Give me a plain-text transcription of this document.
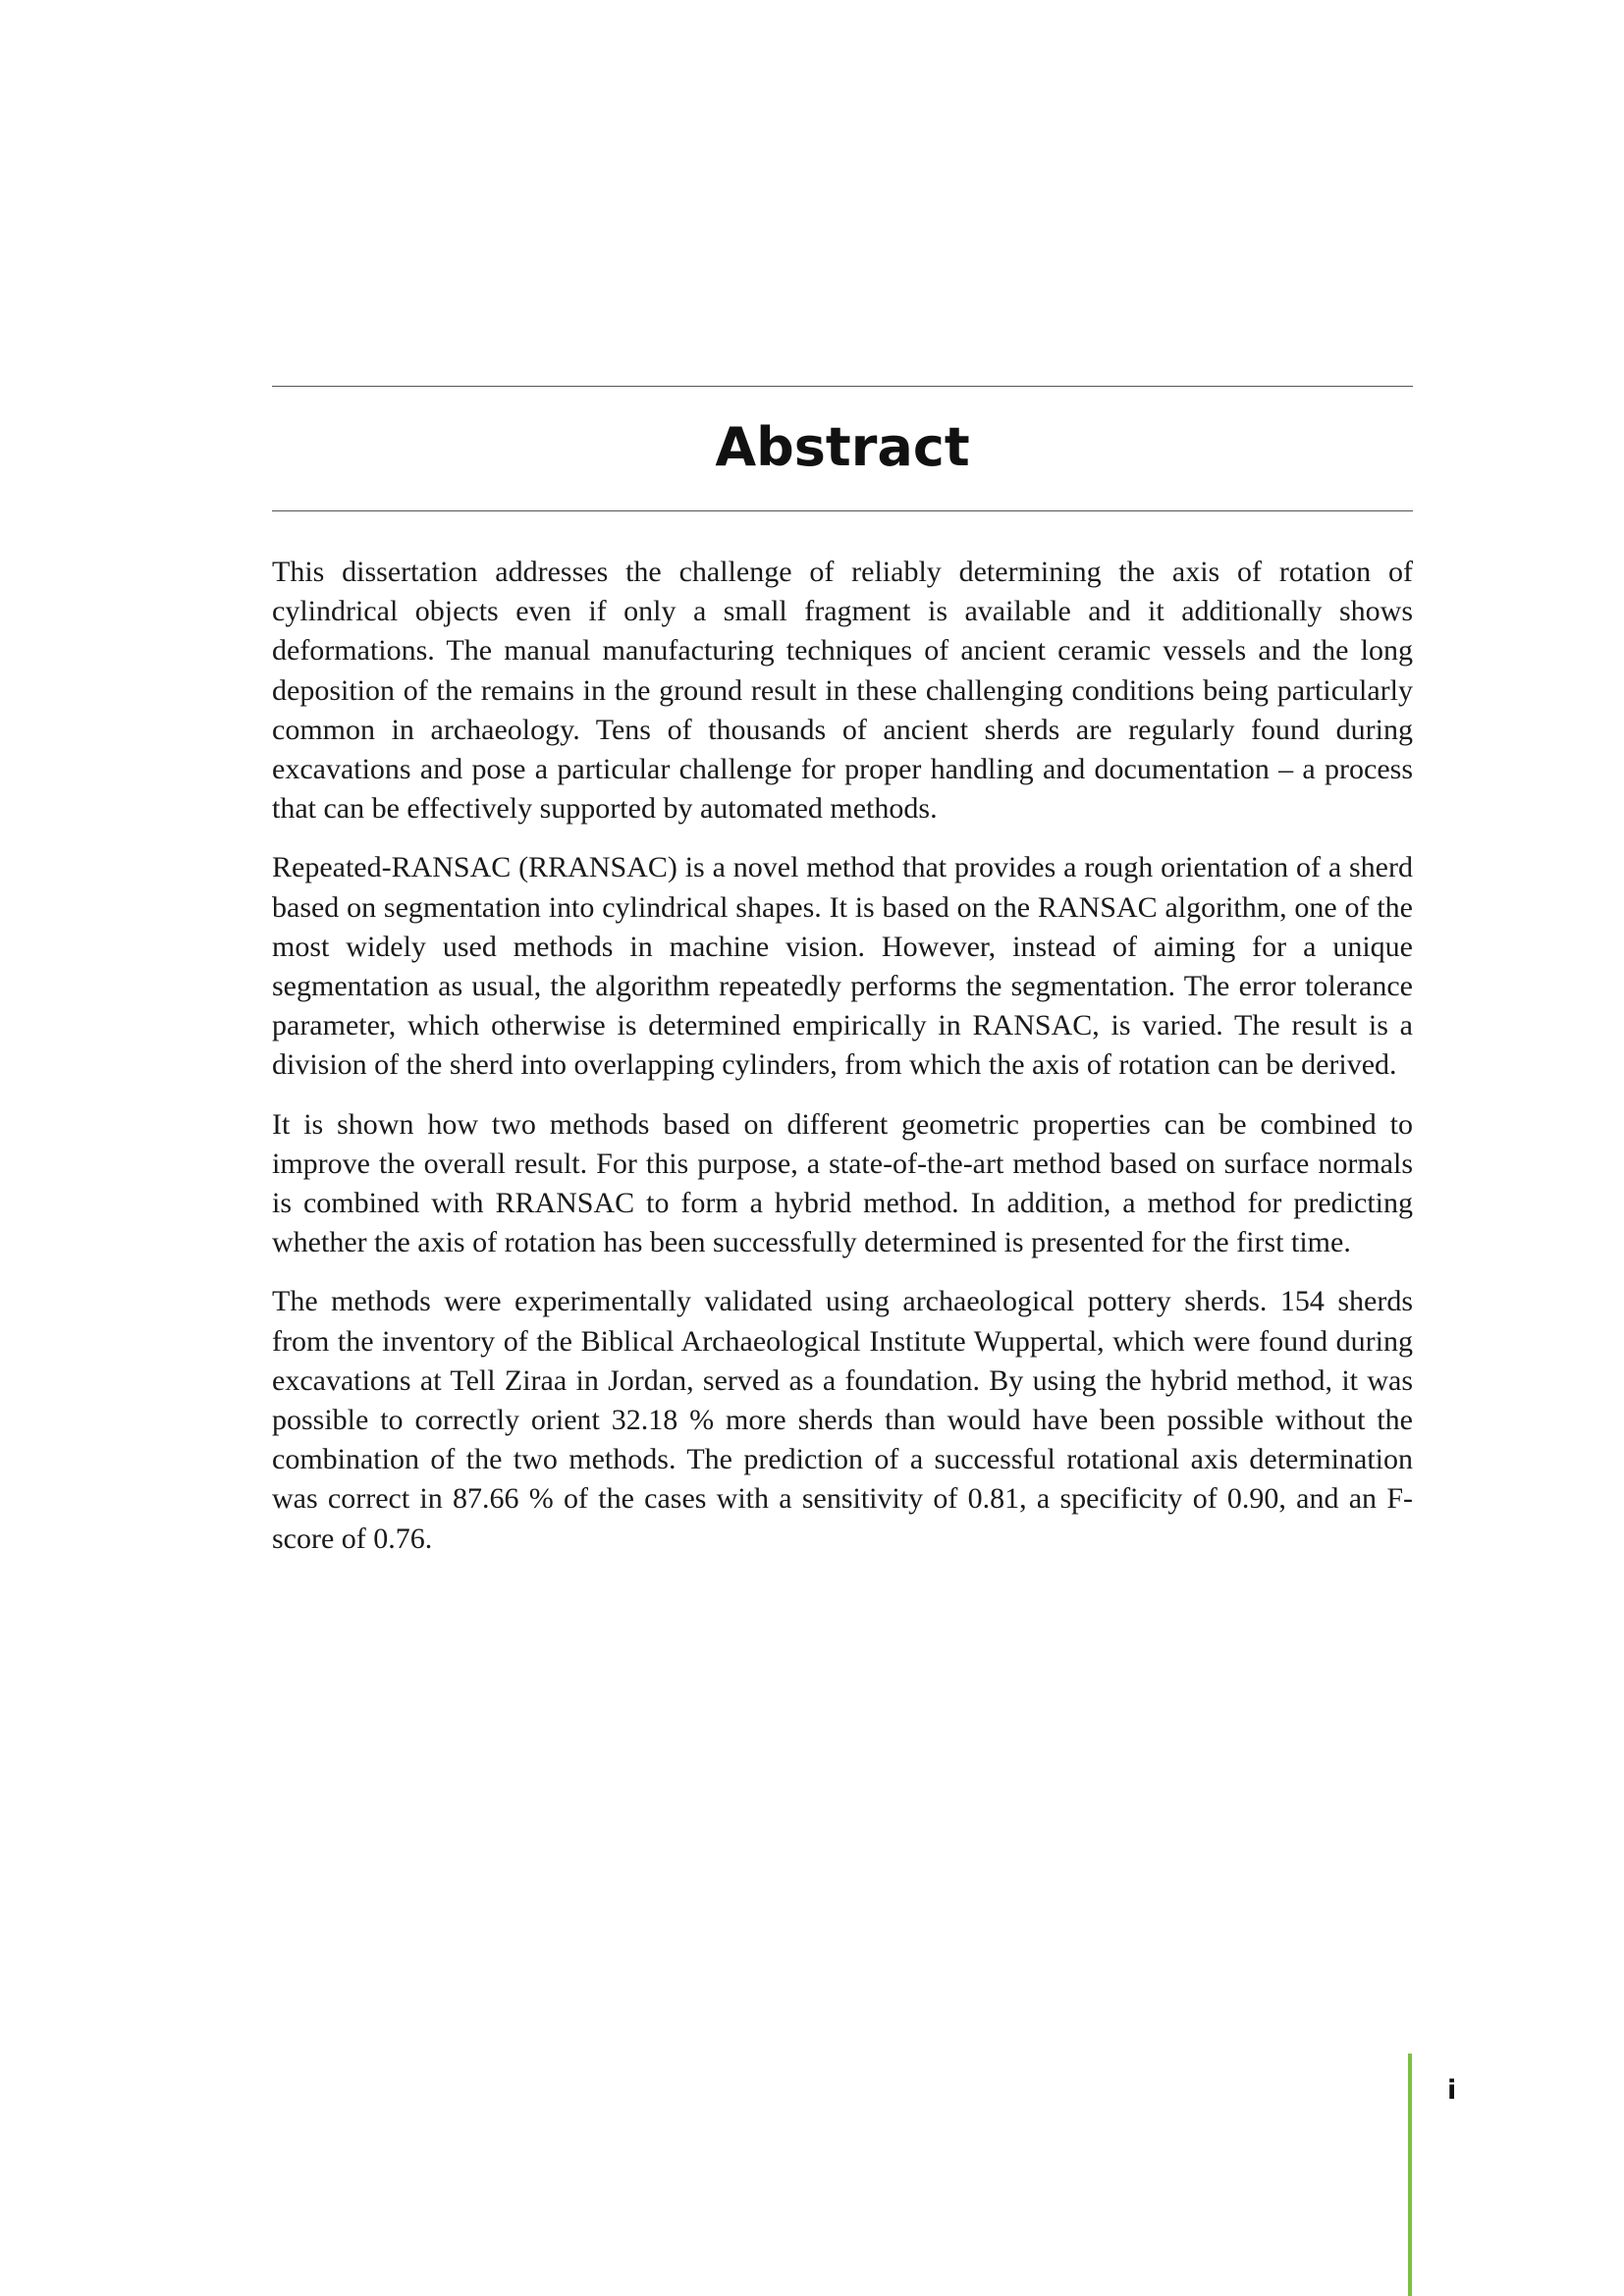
Abstract

This dissertation addresses the challenge of reliably determining the axis of rotation of cylindrical objects even if only a small fragment is available and it additionally shows deformations. The manual manufacturing techniques of ancient ceramic vessels and the long deposition of the remains in the ground result in these challenging conditions being particularly common in archaeology. Tens of thousands of ancient sherds are regularly found during excavations and pose a particular challenge for proper handling and documentation – a process that can be effectively supported by automated methods.

Repeated-RANSAC (RRANSAC) is a novel method that provides a rough orientation of a sherd based on segmentation into cylindrical shapes. It is based on the RANSAC algorithm, one of the most widely used methods in machine vision. However, instead of aiming for a unique segmentation as usual, the algorithm repeatedly performs the segmentation. The error tolerance parameter, which otherwise is determined empirically in RANSAC, is varied. The result is a division of the sherd into overlapping cylinders, from which the axis of rotation can be derived.

It is shown how two methods based on different geometric properties can be combined to improve the overall result. For this purpose, a state-of-the-art method based on surface normals is combined with RRANSAC to form a hybrid method. In addition, a method for predicting whether the axis of rotation has been successfully determined is presented for the first time.

The methods were experimentally validated using archaeological pottery sherds. 154 sherds from the inventory of the Biblical Archaeological Institute Wuppertal, which were found during excavations at Tell Ziraa in Jordan, served as a foundation. By using the hybrid method, it was possible to correctly orient 32.18 % more sherds than would have been possible without the combination of the two methods. The prediction of a successful rotational axis determination was correct in 87.66 % of the cases with a sensitivity of 0.81, a specificity of 0.90, and an F-score of 0.76.

i
